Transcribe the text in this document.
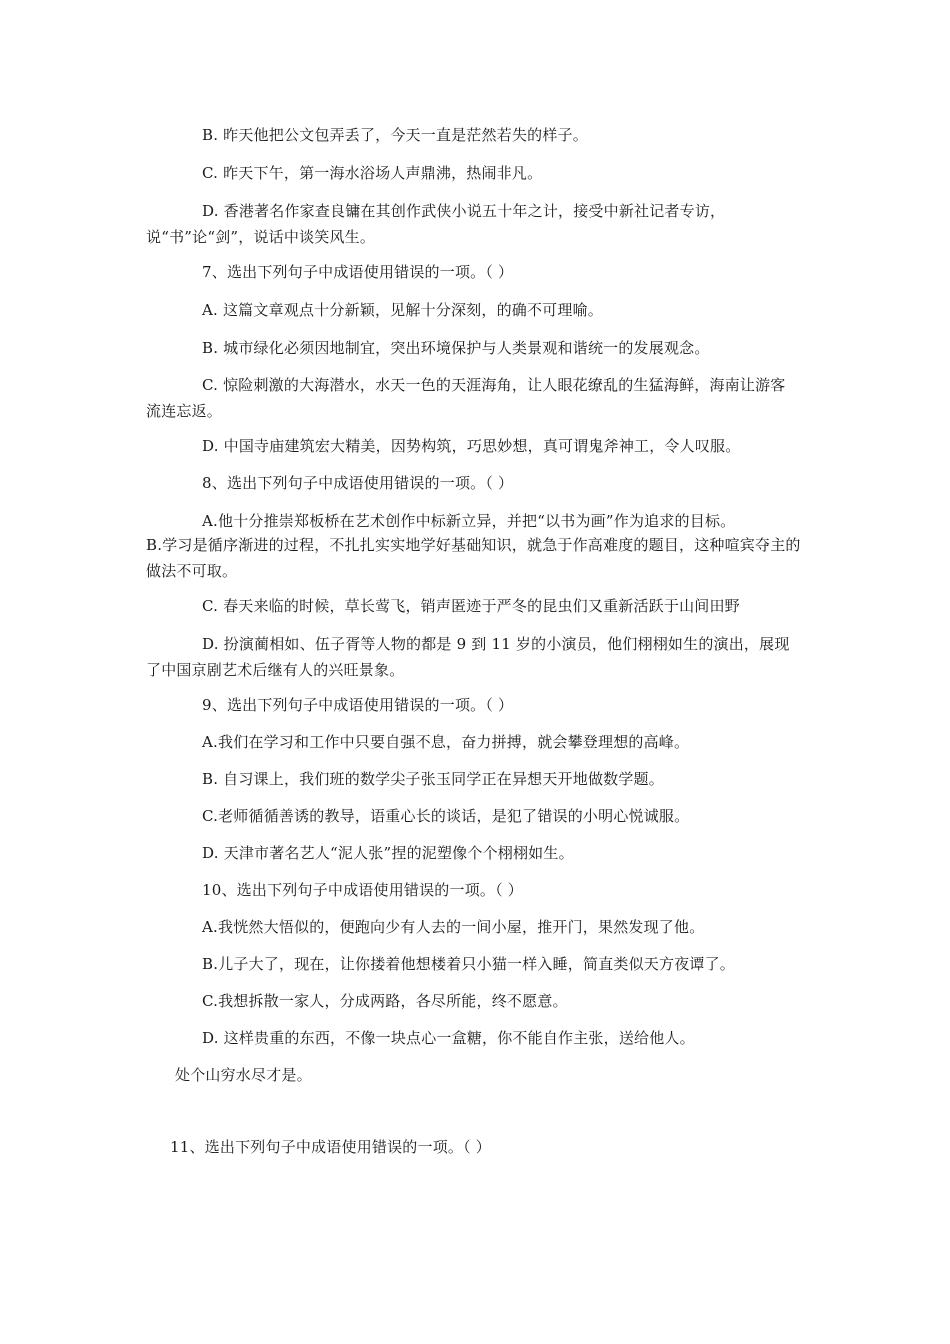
B. 昨天他把公文包弄丢了，今天一直是茫然若失的样子。
C. 昨天下午，第一海水浴场人声鼎沸，热闹非凡。
D. 香港著名作家查良镛在其创作武侠小说五十年之计，接受中新社记者专访，说“书”论“剑”，说话中谈笑风生。
7、选出下列句子中成语使用错误的一项。（ ）
A. 这篇文章观点十分新颖，见解十分深刻，的确不可理喻。
B. 城市绿化必须因地制宜，突出环境保护与人类景观和谐统一的发展观念。
C. 惊险刺激的大海潜水，水天一色的天涯海角，让人眼花缭乱的生猛海鲜，海南让游客流连忘返。
D. 中国寺庙建筑宏大精美，因势构筑，巧思妙想，真可谓鬼斧神工，令人叹服。
8、选出下列句子中成语使用错误的一项。（ ）
A.他十分推崇郑板桥在艺术创作中标新立异，并把“以书为画”作为追求的目标。
B.学习是循序渐进的过程，不扎扎实实地学好基础知识，就急于作高难度的题目，这种喧宾夺主的做法不可取。
C. 春天来临的时候，草长莺飞，销声匿迹于严冬的昆虫们又重新活跃于山间田野
D. 扮演蔺相如、伍子胥等人物的都是 9 到 11 岁的小演员，他们栩栩如生的演出，展现了中国京剧艺术后继有人的兴旺景象。
9、选出下列句子中成语使用错误的一项。（ ）
A.我们在学习和工作中只要自强不息，奋力拼搏，就会攀登理想的高峰。
B. 自习课上，我们班的数学尖子张玉同学正在异想天开地做数学题。
C.老师循循善诱的教导，语重心长的谈话，是犯了错误的小明心悦诚服。
D. 天津市著名艺人“泥人张”捏的泥塑像个个栩栩如生。
10、选出下列句子中成语使用错误的一项。（ ）
A.我恍然大悟似的，便跑向少有人去的一间小屋，推开门，果然发现了他。
B.儿子大了，现在，让你搂着他想楼着只小猫一样入睡，简直类似天方夜谭了。
C.我想拆散一家人，分成两路，各尽所能，终不愿意。
D. 这样贵重的东西，不像一块点心一盒糖，你不能自作主张，送给他人。
处个山穷水尽才是。
11、选出下列句子中成语使用错误的一项。（ ）
